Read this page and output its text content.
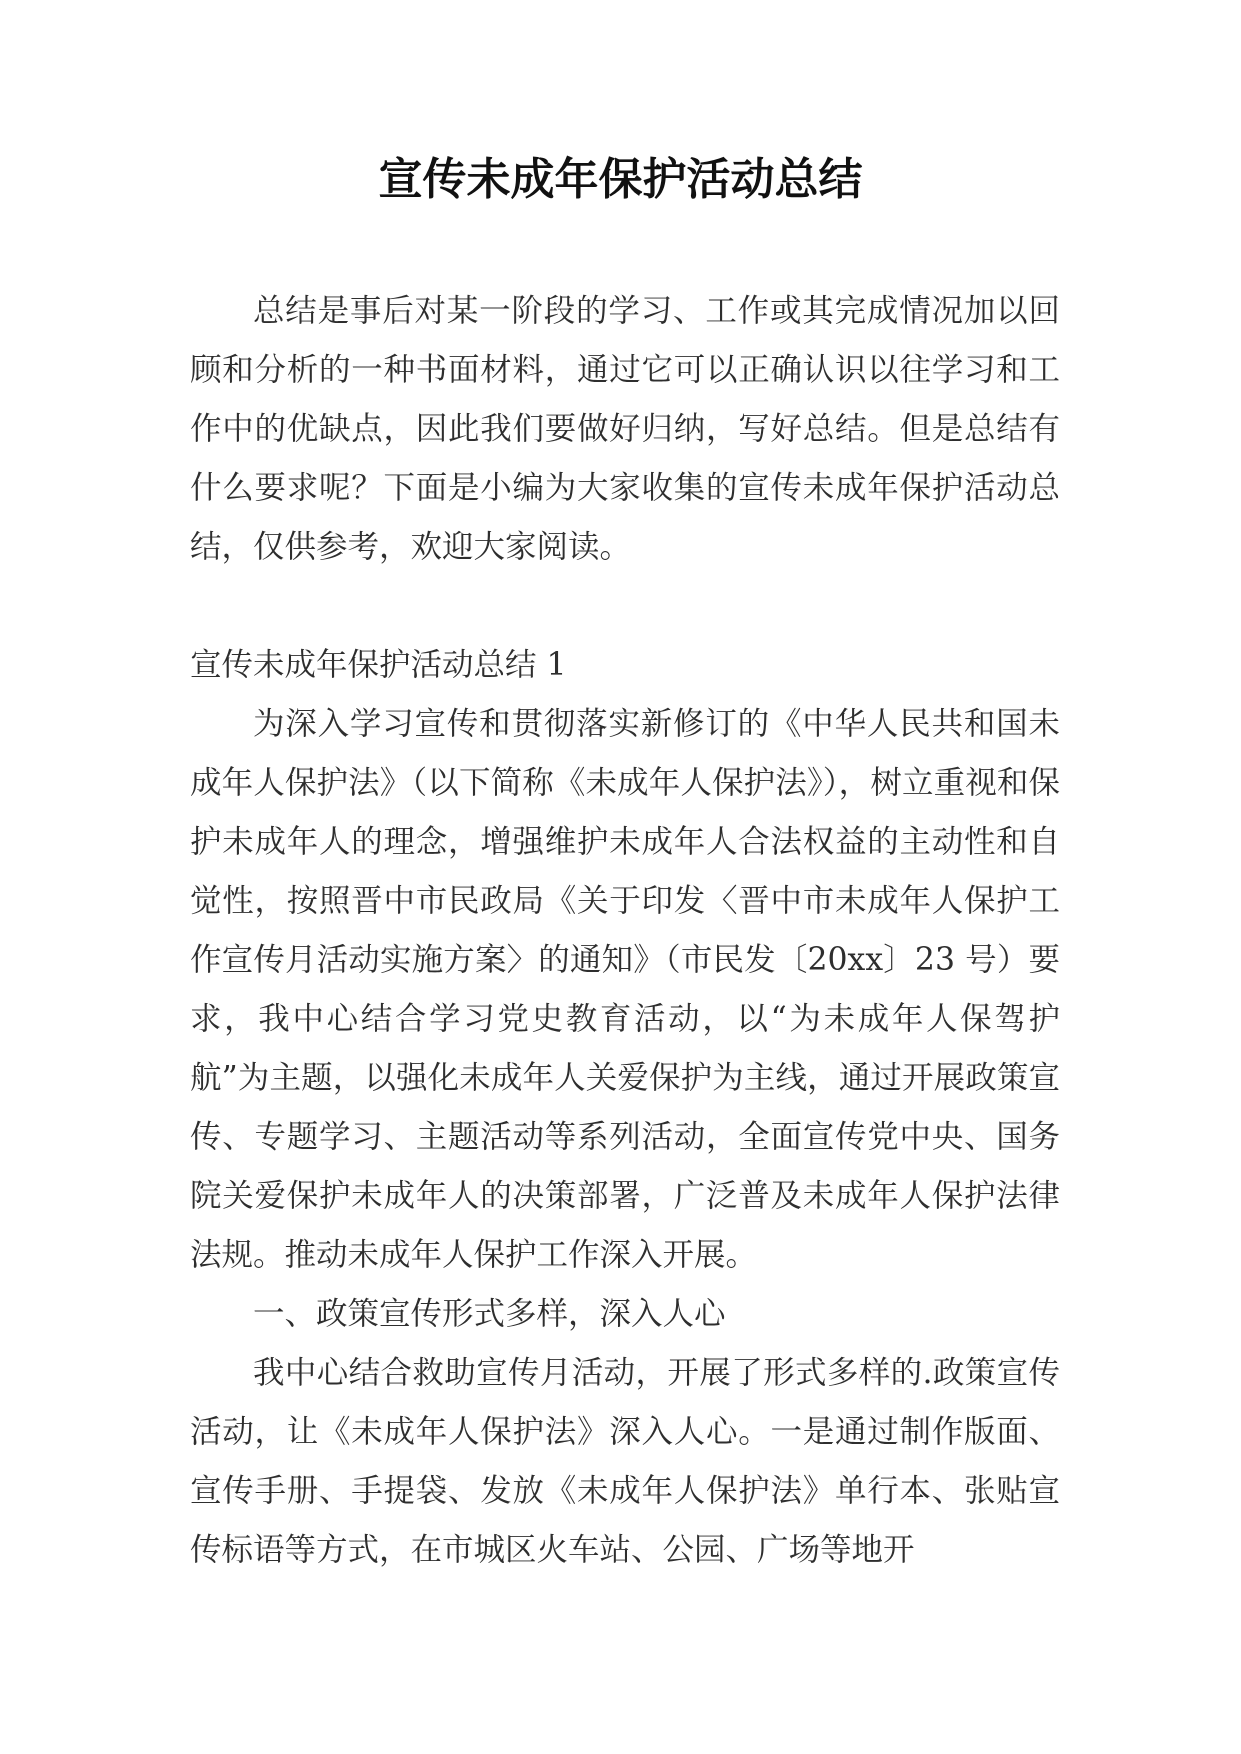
宣传未成年保护活动总结

总结是事后对某一阶段的学习、工作或其完成情况加以回顾和分析的一种书面材料，通过它可以正确认识以往学习和工作中的优缺点，因此我们要做好归纳，写好总结。但是总结有什么要求呢？下面是小编为大家收集的宣传未成年保护活动总结，仅供参考，欢迎大家阅读。

宣传未成年保护活动总结 1

为深入学习宣传和贯彻落实新修订的《中华人民共和国未成年人保护法》（以下简称《未成年人保护法》），树立重视和保护未成年人的理念，增强维护未成年人合法权益的主动性和自觉性，按照晋中市民政局《关于印发〈晋中市未成年人保护工作宣传月活动实施方案〉的通知》（市民发〔20xx〕23 号）要求，我中心结合学习党史教育活动，以“为未成年人保驾护航”为主题，以强化未成年人关爱保护为主线，通过开展政策宣传、专题学习、主题活动等系列活动，全面宣传党中央、国务院关爱保护未成年人的决策部署，广泛普及未成年人保护法律法规。推动未成年人保护工作深入开展。

一、政策宣传形式多样，深入人心

我中心结合救助宣传月活动，开展了形式多样的.政策宣传活动，让《未成年人保护法》深入人心。一是通过制作版面、宣传手册、手提袋、发放《未成年人保护法》单行本、张贴宣传标语等方式，在市城区火车站、公园、广场等地开
